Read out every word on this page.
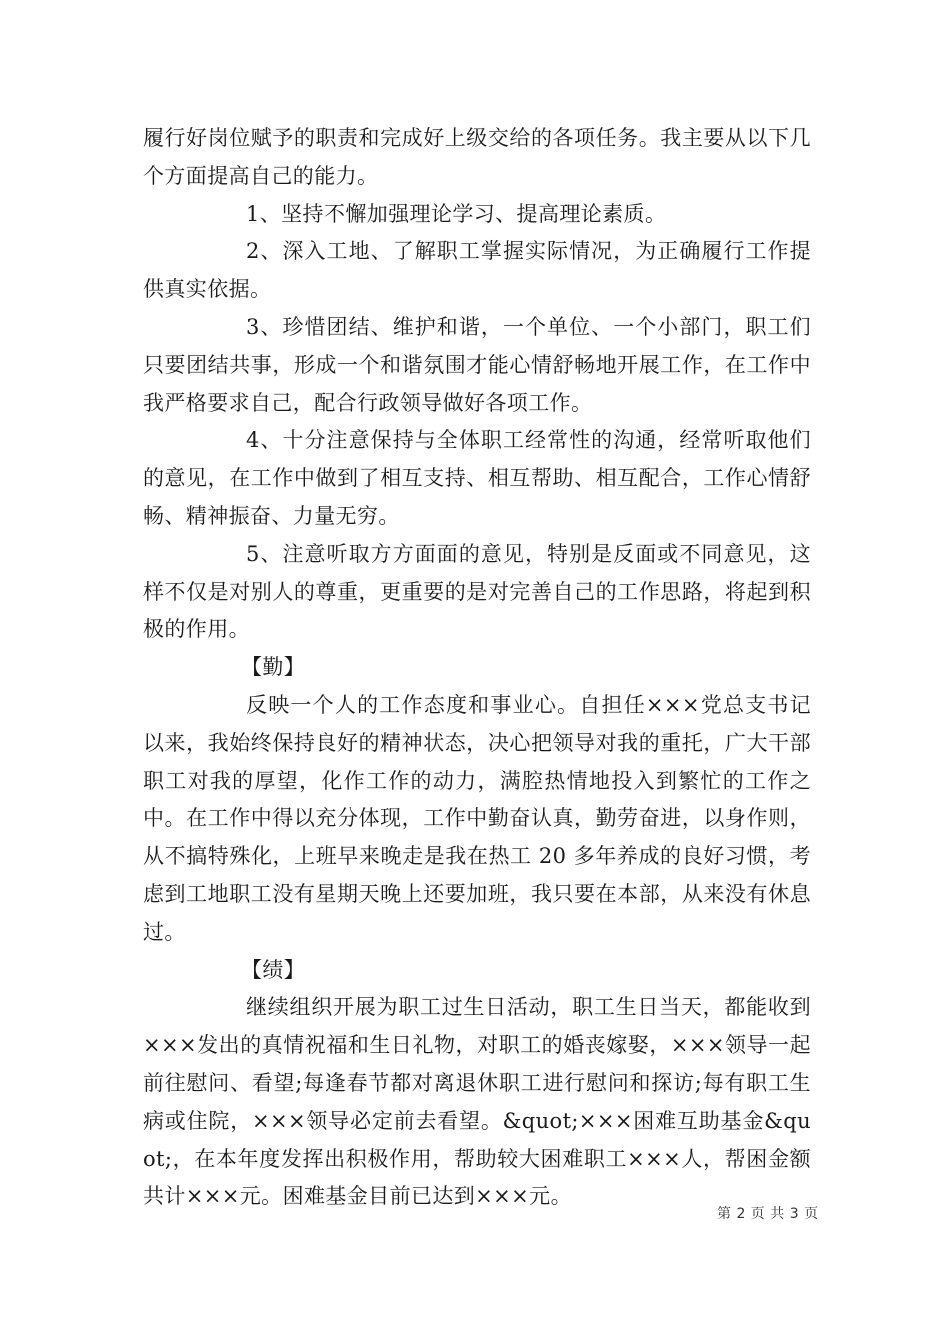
履行好岗位赋予的职责和完成好上级交给的各项任务。我主要从以下几个方面提高自己的能力。

1、坚持不懈加强理论学习、提高理论素质。

2、深入工地、了解职工掌握实际情况，为正确履行工作提供真实依据。

3、珍惜团结、维护和谐，一个单位、一个小部门，职工们只要团结共事，形成一个和谐氛围才能心情舒畅地开展工作，在工作中我严格要求自己，配合行政领导做好各项工作。

4、十分注意保持与全体职工经常性的沟通，经常听取他们的意见，在工作中做到了相互支持、相互帮助、相互配合，工作心情舒畅、精神振奋、力量无穷。

5、注意听取方方面面的意见，特别是反面或不同意见，这样不仅是对别人的尊重，更重要的是对完善自己的工作思路，将起到积极的作用。

【勤】

反映一个人的工作态度和事业心。自担任×××党总支书记以来，我始终保持良好的精神状态，决心把领导对我的重托，广大干部职工对我的厚望，化作工作的动力，满腔热情地投入到繁忙的工作之中。在工作中得以充分体现，工作中勤奋认真，勤劳奋进，以身作则，从不搞特殊化，上班早来晚走是我在热工 20 多年养成的良好习惯，考虑到工地职工没有星期天晚上还要加班，我只要在本部，从来没有休息过。

【绩】

继续组织开展为职工过生日活动，职工生日当天，都能收到×××发出的真情祝福和生日礼物，对职工的婚丧嫁娶，×××领导一起前往慰问、看望;每逢春节都对离退休职工进行慰问和探访;每有职工生病或住院，×××领导必定前去看望。&quot;×××困难互助基金&quot;，在本年度发挥出积极作用，帮助较大困难职工×××人，帮困金额共计×××元。困难基金目前已达到×××元。

第 2 页 共 3 页
